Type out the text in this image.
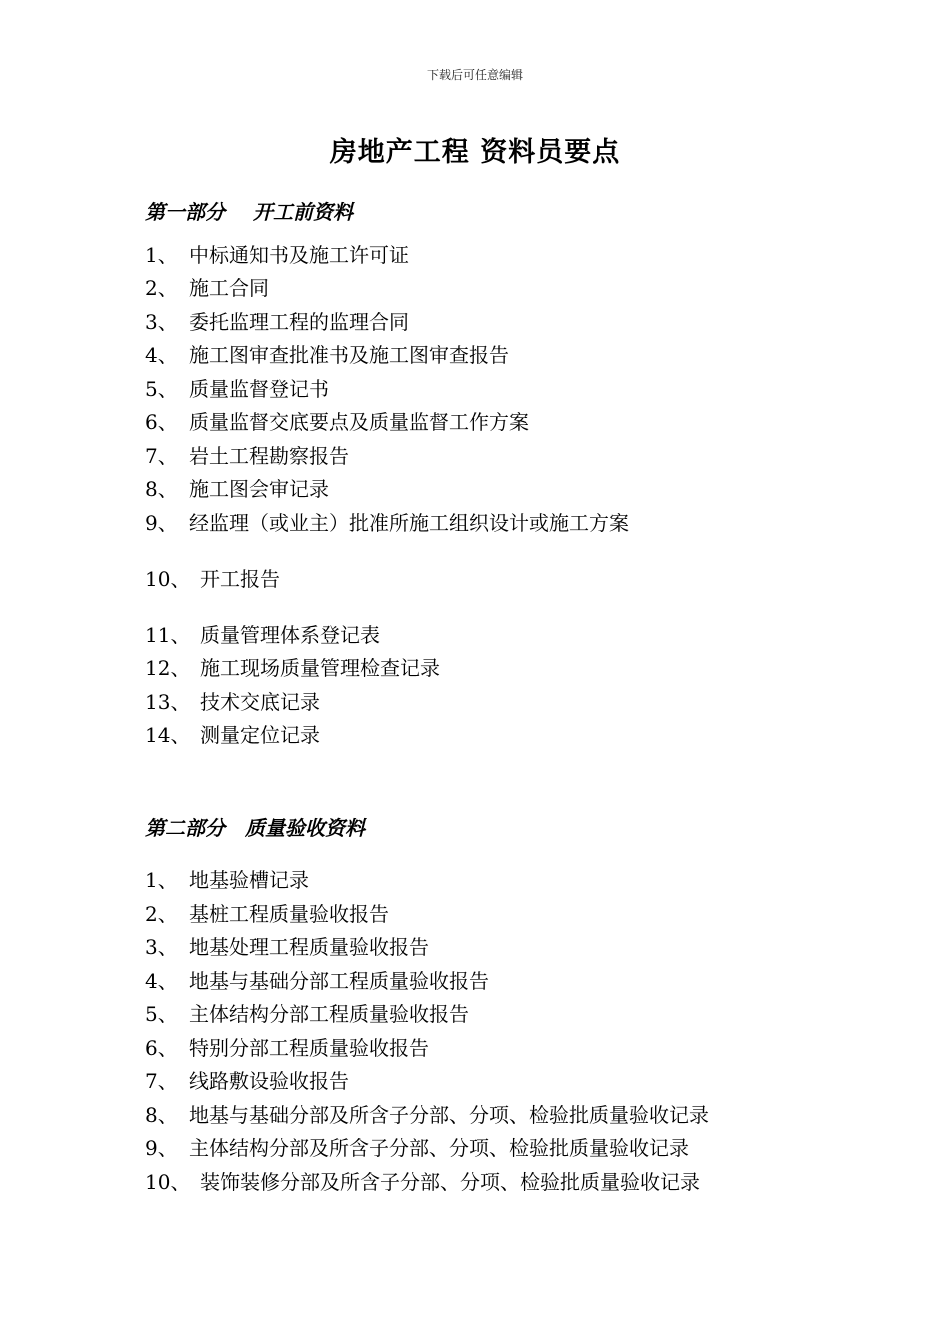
下载后可任意编辑
房地产工程 资料员要点
第一部分 开工前资料
1、 中标通知书及施工许可证
2、 施工合同
3、 委托监理工程的监理合同
4、 施工图审查批准书及施工图审查报告
5、 质量监督登记书
6、 质量监督交底要点及质量监督工作方案
7、 岩土工程勘察报告
8、 施工图会审记录
9、 经监理（或业主）批准所施工组织设计或施工方案
10、 开工报告
11、 质量管理体系登记表
12、 施工现场质量管理检查记录
13、 技术交底记录
14、 测量定位记录
第二部分 质量验收资料
1、 地基验槽记录
2、 基桩工程质量验收报告
3、 地基处理工程质量验收报告
4、 地基与基础分部工程质量验收报告
5、 主体结构分部工程质量验收报告
6、 特别分部工程质量验收报告
7、 线路敷设验收报告
8、 地基与基础分部及所含子分部、分项、检验批质量验收记录
9、 主体结构分部及所含子分部、分项、检验批质量验收记录
10、 装饰装修分部及所含子分部、分项、检验批质量验收记录
